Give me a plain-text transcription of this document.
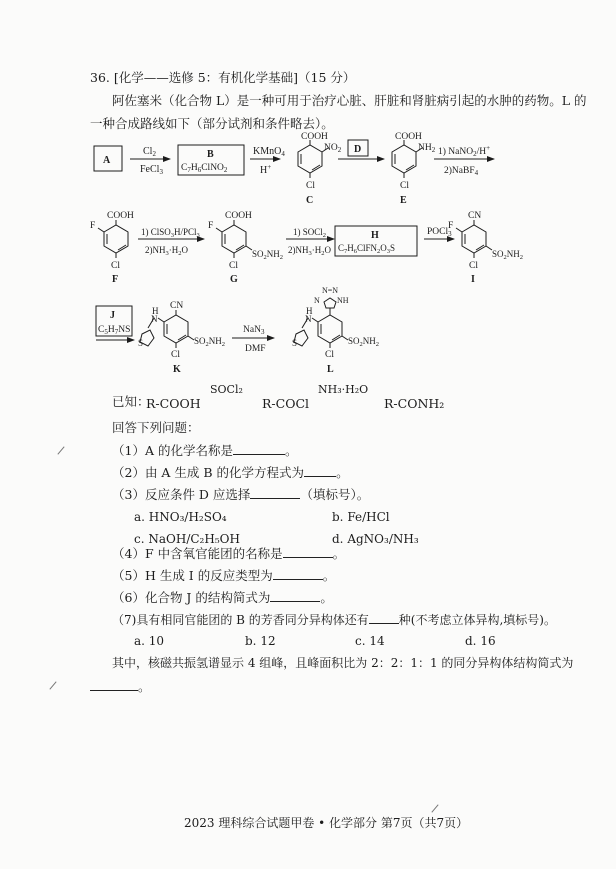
36. [化学——选修 5：有机化学基础]（15 分）
阿佐塞米（化合物 L）是一种可用于治疗心脏、肝脏和肾脏病引起的水肿的药物。L 的
一种合成路线如下（部分试剂和条件略去）。
A
$Cl_2$
FeCl$_3$
B
$C_7H_6ClNO_2$
KMnO$_4$
H+
COOH
$NO_2$
Cl
C
D
COOH
$NH_2$
Cl
E
1) NaNO$_2$/H+
2)NaBF$_4$
COOH
F
Cl
F
1) ClSO$_3$H/PCl$_3$
$2)NH_3\cdot H_2O$
COOH
F
$SO_2NH_2$
Cl
G
1) SOCl$_2$
$2)NH_3\cdot H_2O$
H
$C_7H_6ClFN_2O_3S$
POCl$_3$
CN
F
$SO_2NH_2$
Cl
I
J
$C_5H_7NS$
H
N
CN
S	$SO_2NH_2$
Cl
K
NaN$_3$
DMF
N=N
N NH
H
N
S	$SO_2NH_2$
Cl
L
已知：
R-COOH
SOCl₂
R-COCl
NH₃·H₂O
R-CONH₂
回答下列问题：
（1）A 的化学名称是	。
（2）由 A 生成 B 的化学方程式为	。
（3）反应条件 D 应选择	（填标号）。
a. HNO₃/H₂SO₄	b. Fe/HCl
c. NaOH/C₂H₅OH	d. AgNO₃/NH₃
（4）F 中含氧官能团的名称是	。
（5）H 生成 I 的反应类型为	。
（6）化合物 J 的结构简式为	。
（7)具有相同官能团的 B 的芳香同分异构体还有	种(不考虑立体异构,填标号)。
a. 10	b. 12	c. 14	d. 16
其中，核磁共振氢谱显示 4 组峰，且峰面积比为 2：2：1：1 的同分异构体结构简式为
。
2023 理科综合试题甲卷 • 化学部分 第7页（共7页）
